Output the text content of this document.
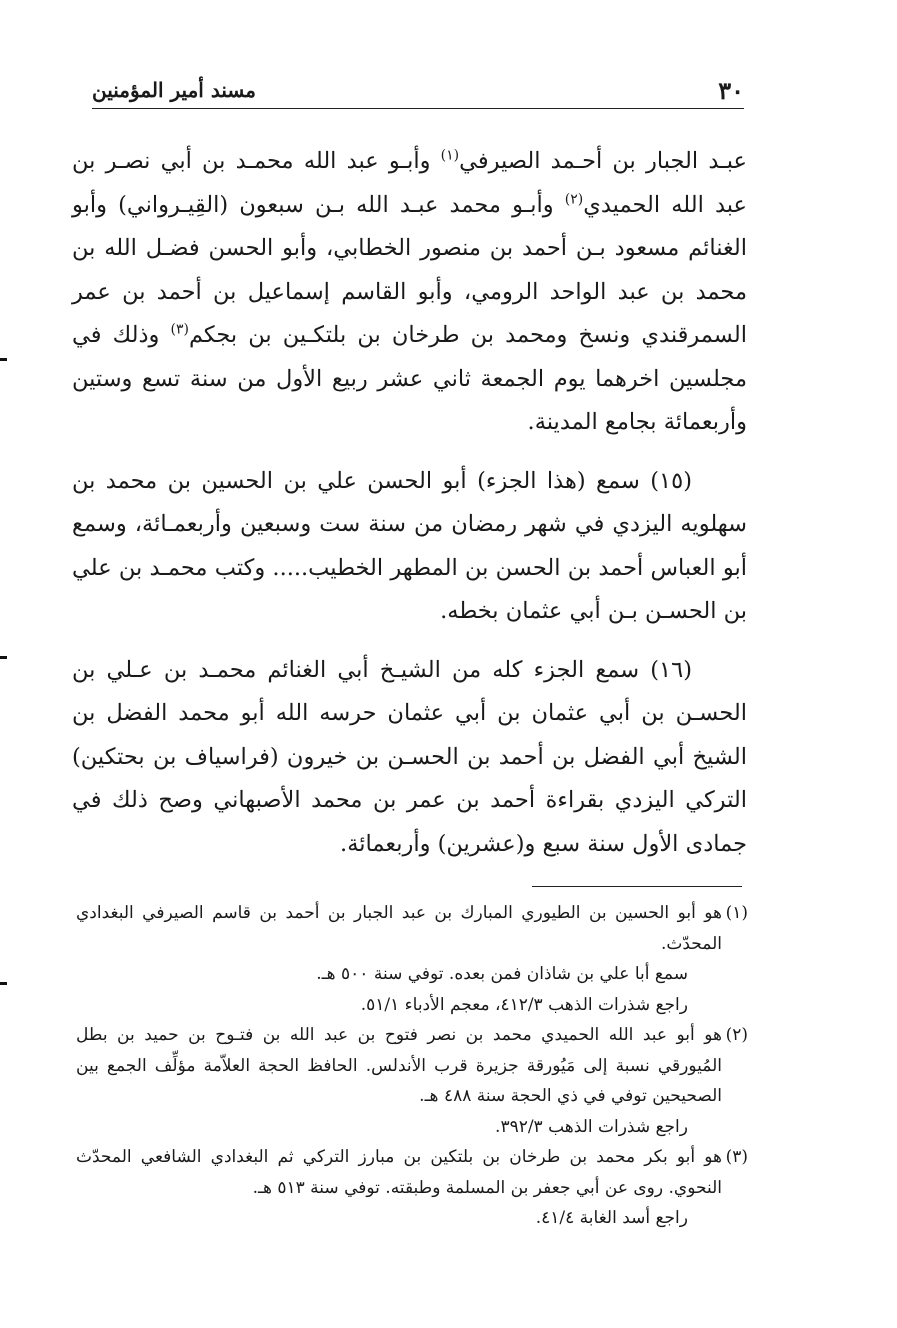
٣٠
مسند أمير المؤمنين

عبـد الجبار بن أحـمد الصيرفي$^{(١)}$ وأبـو عبد الله محمـد بن أبي نصـر بن عبد الله الحميدي$^{(٢)}$ وأبـو محمد عبـد الله بـن سبعون (القِيـرواني) وأبو الغنائم مسعود بـن أحمد بن منصور الخطابي، وأبو الحسن فضـل الله بن محمد بن عبد الواحد الرومي، وأبو القاسم إسماعيل بن أحمد بن عمر السمرقندي ونسخ ومحمد بن طرخان بن بلتكـين بن بجكم$^{(٣)}$ وذلك في مجلسين اخرهما يوم الجمعة ثاني عشر ربيع الأول من سنة تسع وستين وأربعمائة بجامع المدينة.

(١٥) سمع (هذا الجزء) أبو الحسن علي بن الحسين بن محمد بن سهلويه اليزدي في شهر رمضان من سنة ست وسبعين وأربعمـائة، وسمع أبو العباس أحمد بن الحسن بن المطهر الخطيب..... وكتب محمـد بن علي بن الحسـن بـن أبي عثمان بخطه.

(١٦) سمع الجزء كله من الشيـخ أبي الغنائم محمـد بن عـلي بن الحسـن بن أبي عثمان بن أبي عثمان حرسه الله أبو محمد الفضل بن الشيخ أبي الفضل بن أحمد بن الحسـن بن خيرون (فراسياف بن بحتكين) التركي اليزدي بقراءة أحمد بن عمر بن محمد الأصبهاني وصح ذلك في جمادى الأول سنة سبع و(عشرين) وأربعمائة.

(١)
هو أبو الحسين بن الطيوري المبارك بن عبد الجبار بن أحمد بن قاسم الصيرفي البغدادي المحدّث.

سمع أبا علي بن شاذان فمن بعده. توفي سنة ٥٠٠ هـ.

راجع شذرات الذهب ٤١٢/٣، معجم الأدباء ٥١/١.

(٢)
هو أبو عبد الله الحميدي محمد بن نصر فتوح بن عبد الله بن فتـوح بن حميد بن بطل المُيورقي نسبة إلى مَيُورقة جزيرة قرب الأندلس. الحافظ الحجة العلاّمة مؤلِّف الجمع بين الصحيحين توفي في ذي الحجة سنة ٤٨٨ هـ.

راجع شذرات الذهب ٣٩٢/٣.

(٣)
هو أبو بكر محمد بن طرخان بن بلتكين بن مبارز التركي ثم البغدادي الشافعي المحدّث النحوي. روى عن أبي جعفر بن المسلمة وطبقته. توفي سنة ٥١٣ هـ.

راجع أسد الغابة ٤١/٤.
